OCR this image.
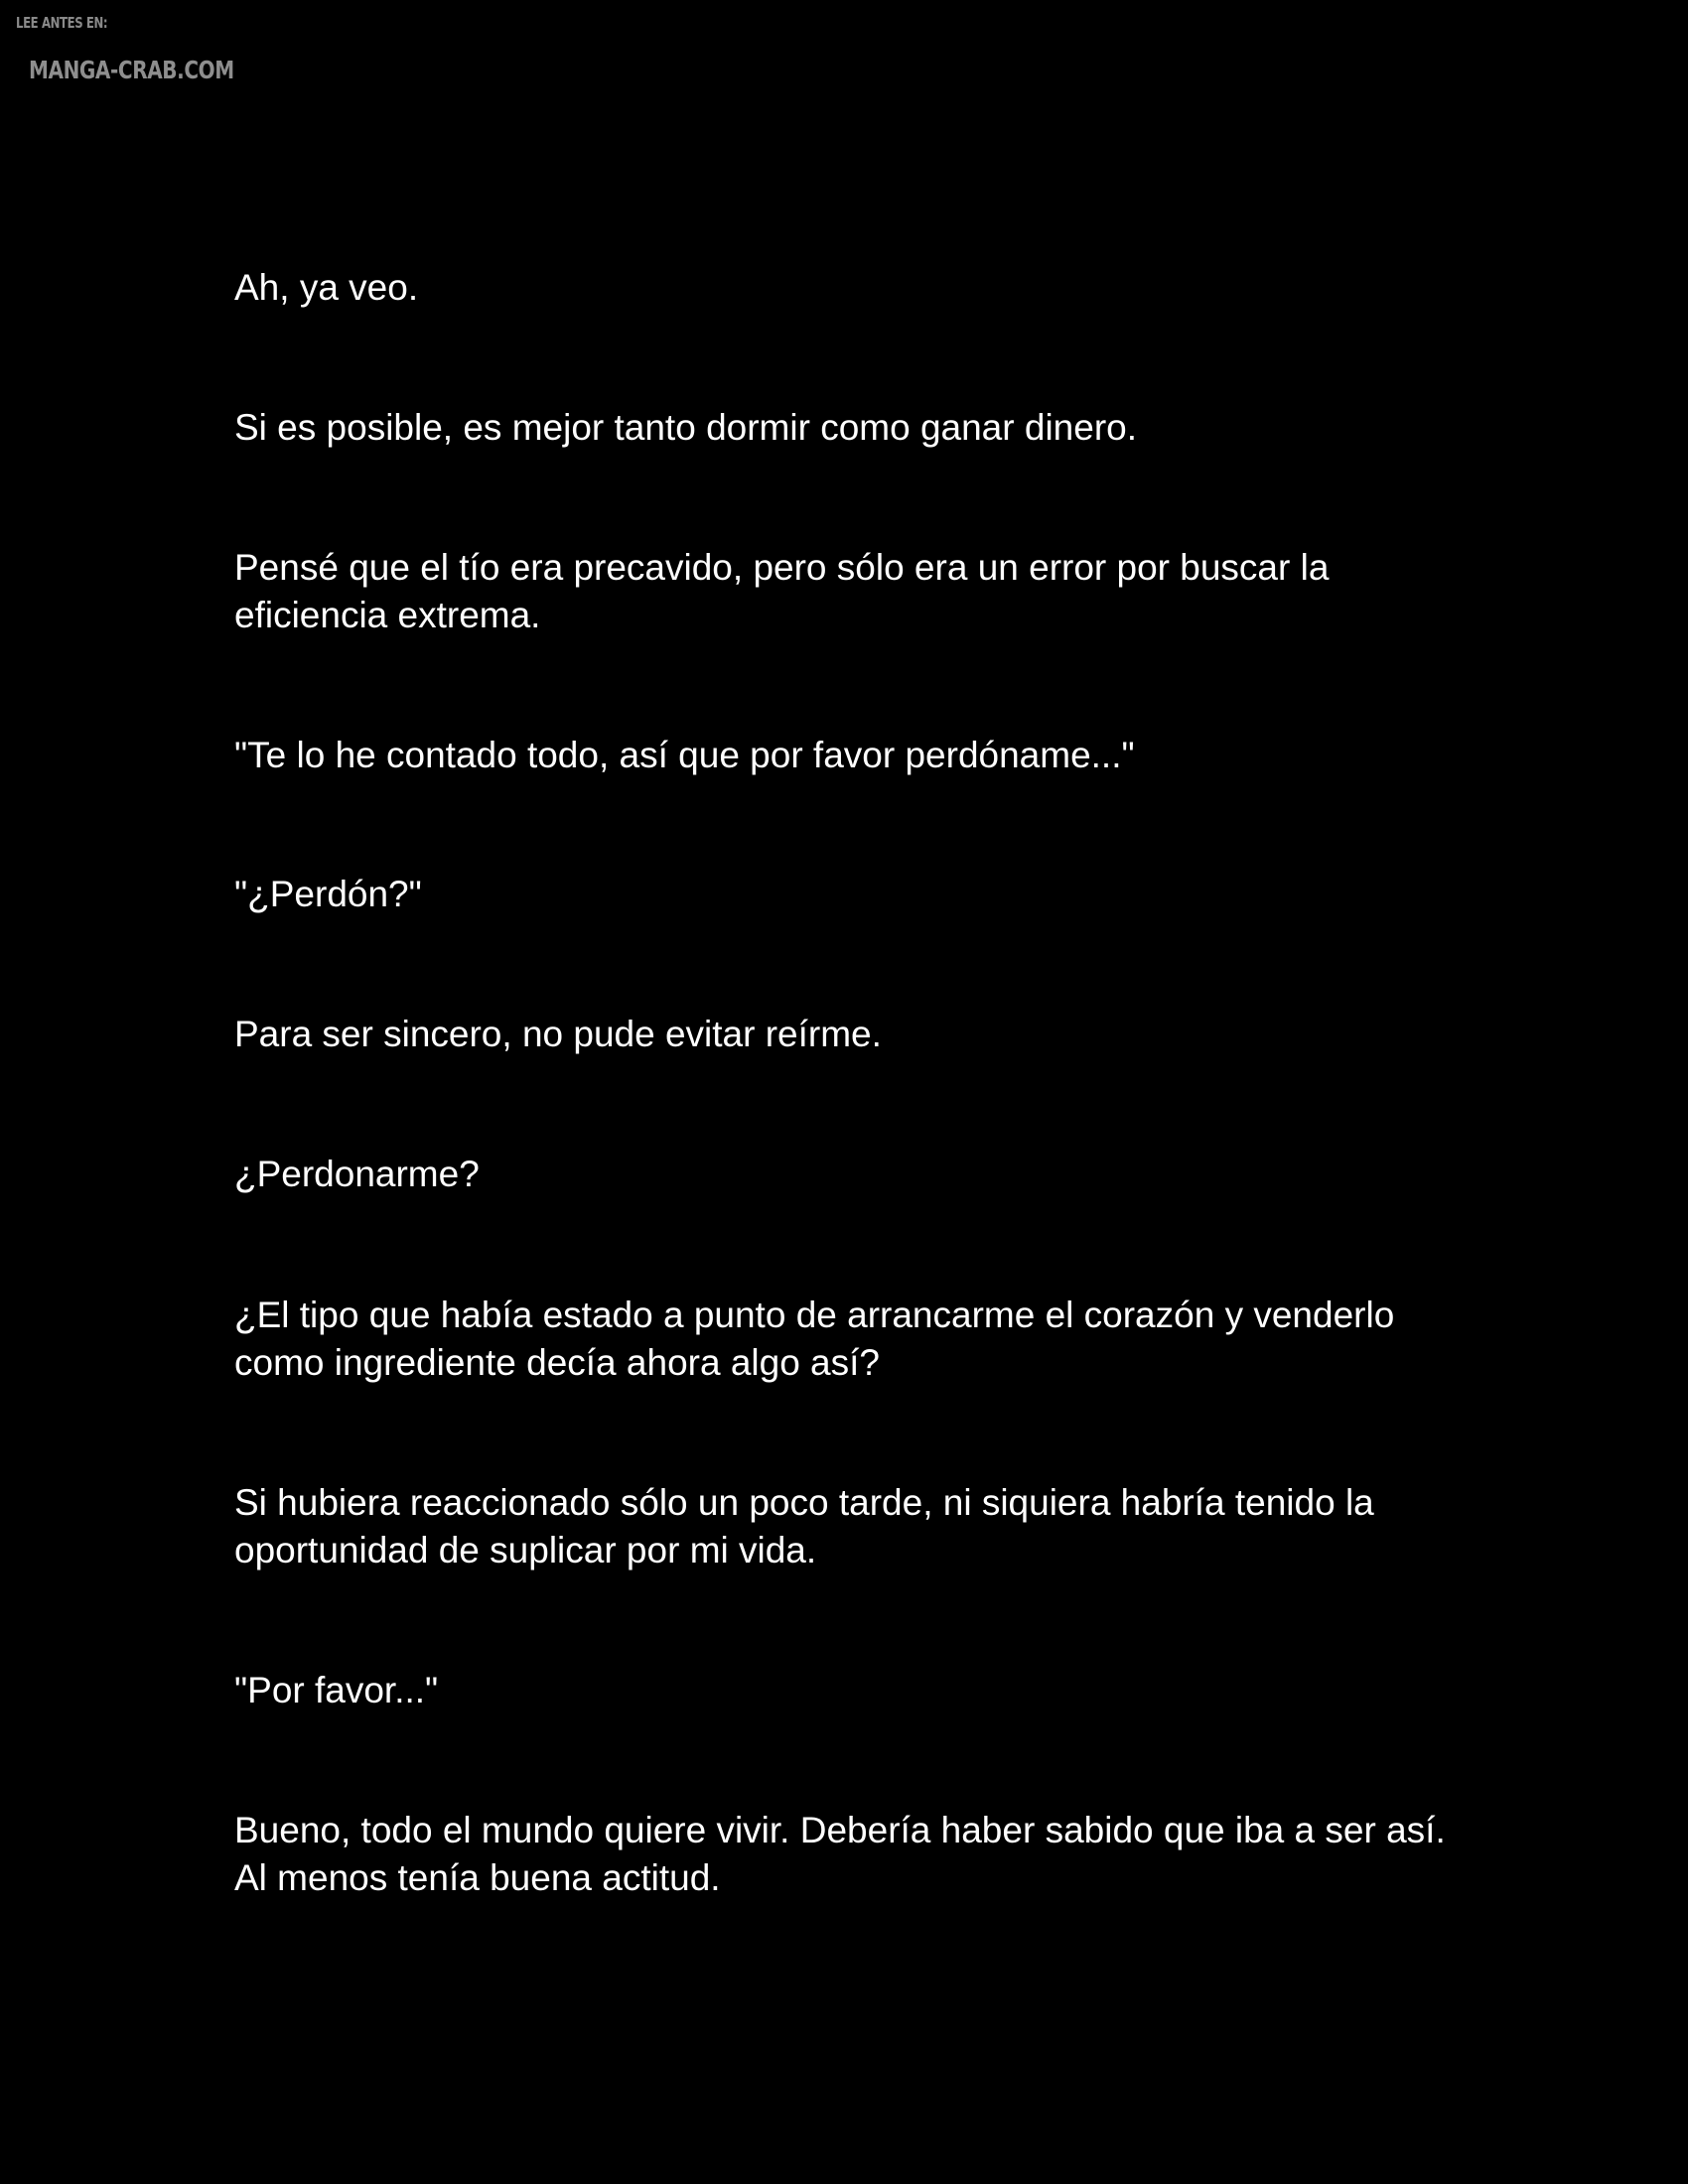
LEE ANTES EN:
MANGA-CRAB.COM

Ah, ya veo.

Si es posible, es mejor tanto dormir como ganar dinero.

Pensé que el tío era precavido, pero sólo era un error por buscar la eficiencia extrema.

"Te lo he contado todo, así que por favor perdóname..."

"¿Perdón?"

Para ser sincero, no pude evitar reírme.

¿Perdonarme?

¿El tipo que había estado a punto de arrancarme el corazón y venderlo como ingrediente decía ahora algo así?

Si hubiera reaccionado sólo un poco tarde, ni siquiera habría tenido la oportunidad de suplicar por mi vida.

"Por favor..."

Bueno, todo el mundo quiere vivir. Debería haber sabido que iba a ser así. Al menos tenía buena actitud.
